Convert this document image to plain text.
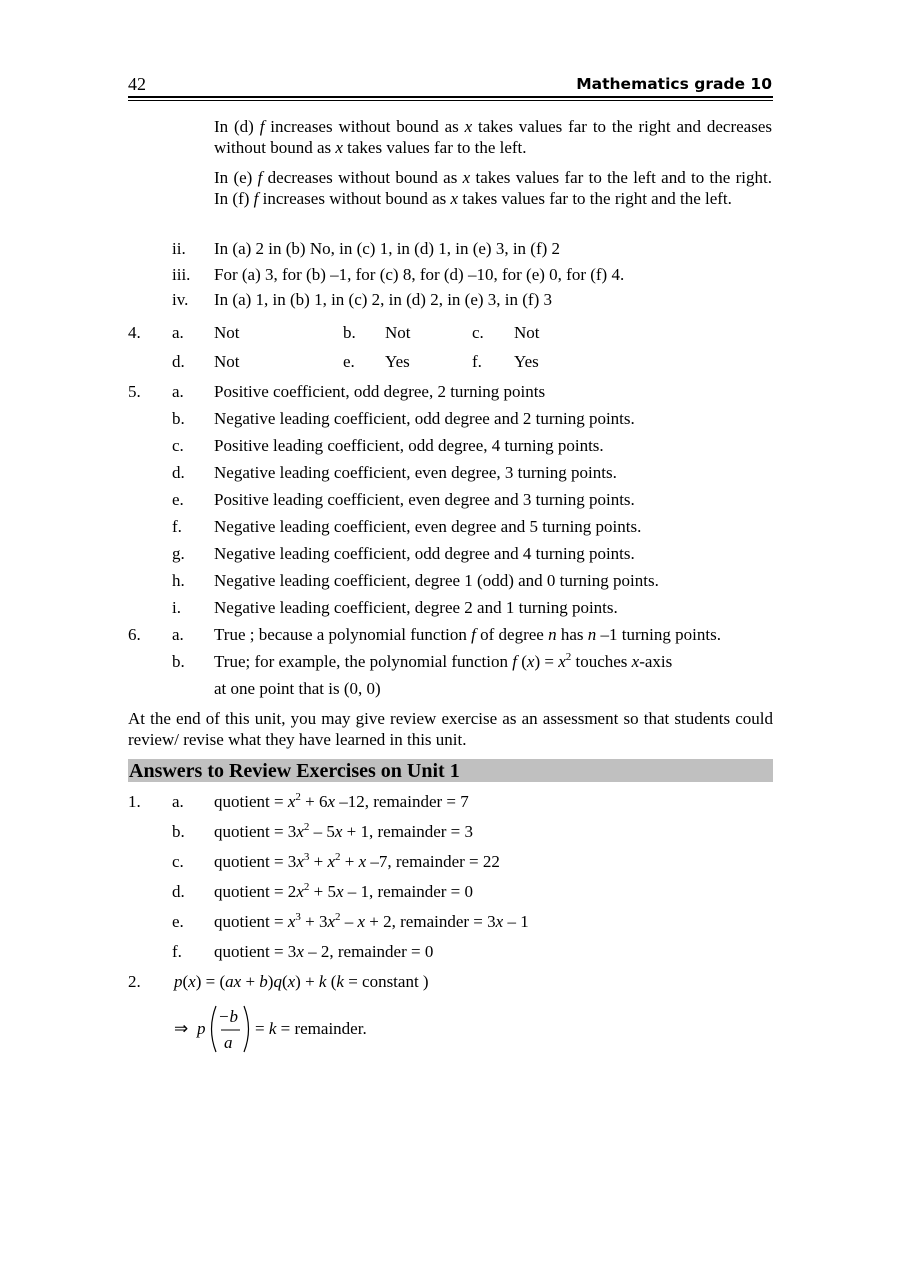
42	Mathematics grade 10
In (d) f increases without bound as x takes values far to the right and decreases without bound as x takes values far to the left.
In (e) f decreases without bound as x takes values far to the left and to the right. In (f) f increases without bound as x takes values far to the right and the left.
ii. In (a) 2 in (b) No, in (c) 1, in (d) 1, in (e) 3, in (f) 2
iii. For (a) 3, for (b) –1, for (c) 8, for (d) –10, for (e) 0, for (f) 4.
iv. In (a) 1, in (b) 1, in (c) 2, in (d) 2, in (e) 3, in (f) 3
4. a. Not	b. Not	c. Not
d. Not	e. Yes	f. Yes
5. a. Positive coefficient, odd degree, 2 turning points
b. Negative leading coefficient, odd degree and 2 turning points.
c. Positive leading coefficient, odd degree, 4 turning points.
d. Negative leading coefficient, even degree, 3 turning points.
e. Positive leading coefficient, even degree and 3 turning points.
f. Negative leading coefficient, even degree and 5 turning points.
g. Negative leading coefficient, odd degree and 4 turning points.
h. Negative leading coefficient, degree 1 (odd) and 0 turning points.
i. Negative leading coefficient, degree 2 and 1 turning points.
6. a. True ; because a polynomial function f of degree n has n –1 turning points.
b. True; for example, the polynomial function f $(x) = x^2$ touches x-axis
at one point that is (0, 0)
At the end of this unit, you may give review exercise as an assessment so that students could review/ revise what they have learned in this unit.
Answers to Review Exercises on Unit 1
1. a. quotient = $x^2 + 6x$ –12, remainder = 7
b. quotient = $3x^2 - 5x + 1$, remainder = 3
c. quotient = $3x^3 + x^2 + x$ –7, remainder = 22
d. quotient = $2x^2 + 5x - 1$, remainder = 0
e. quotient = $x^3 + 3x^2 - x + 2$, remainder = 3x – 1
f. quotient = 3x – 2, remainder = 0
2. p(x) = (ax + b)q(x) + k (k = constant )
⇒ p
−b
a
= k = remainder.
